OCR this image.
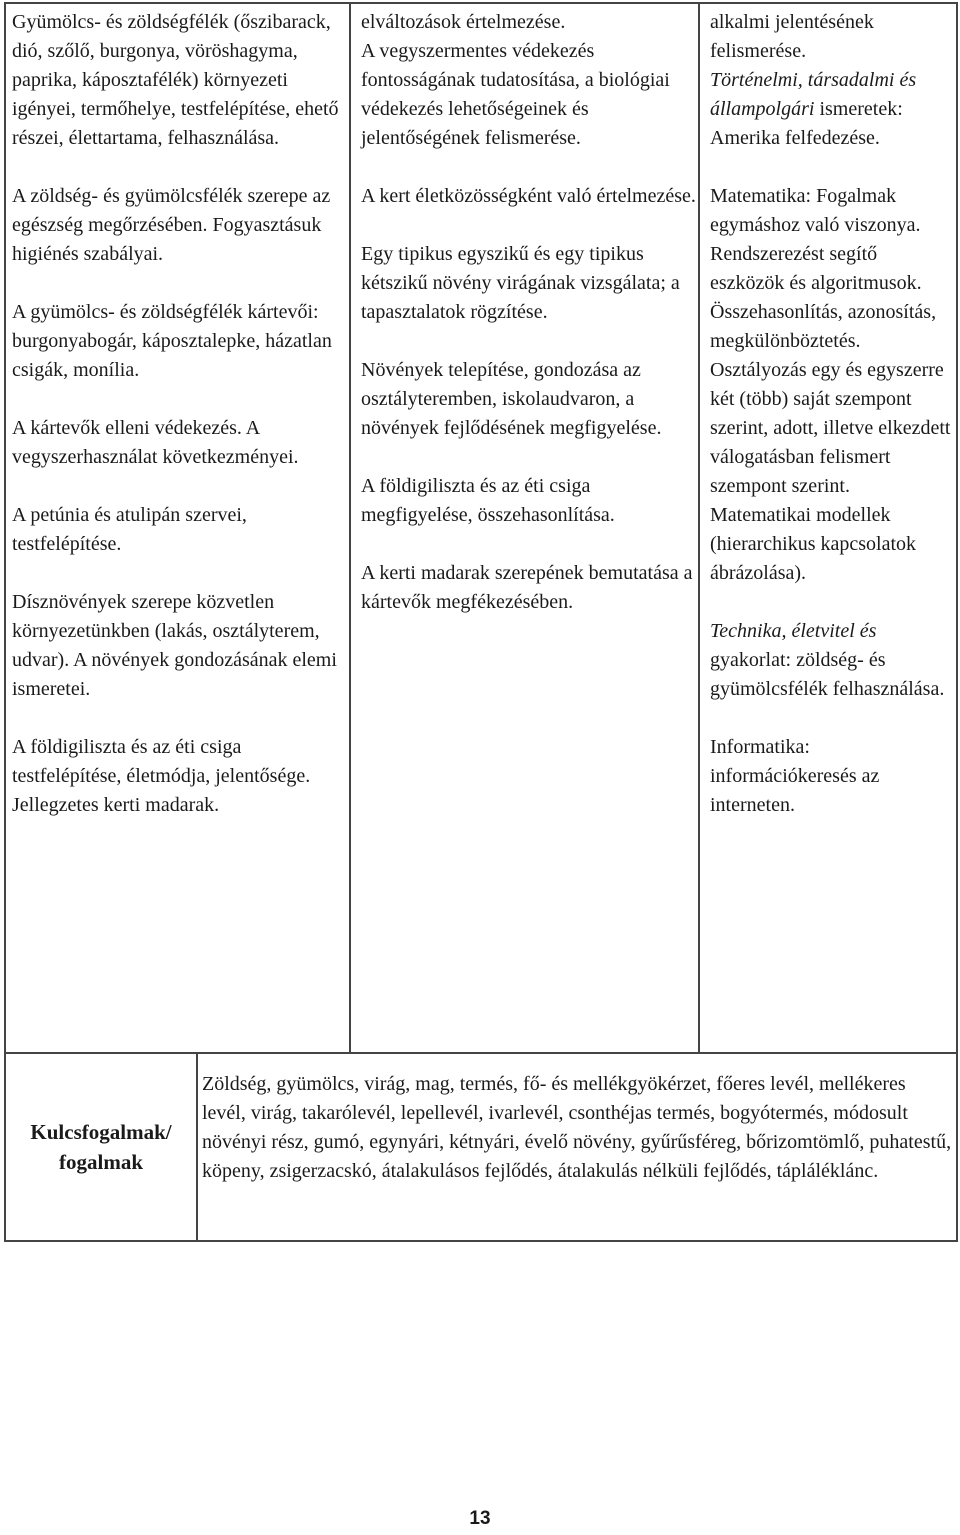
Gyümölcs- és zöldségfélék (őszibarack, dió, szőlő, burgonya, vöröshagyma, paprika, káposztafélék) környezeti igényei, termőhelye, testfelépítése, ehető részei, élettartama, felhasználása.

A zöldség- és gyümölcsfélék szerepe az egészség megőrzésében. Fogyasztásuk higiénés szabályai.

A gyümölcs- és zöldségfélék kártevői: burgonyabogár, káposztalepke, házatlan csigák, monília.

A kártevők elleni védekezés. A vegyszerhasználat következményei.

A petúnia és atulipán szervei, testfelépítése.

Dísznövények szerepe közvetlen környezetünkben (lakás, osztályterem, udvar). A növények gondozásának elemi ismeretei.

A földigiliszta és az éti csiga testfelépítése, életmódja, jelentősége.

Jellegzetes kerti madarak.

elváltozások értelmezése.

A vegyszermentes védekezés fontosságának tudatosítása, a biológiai védekezés lehetőségeinek és jelentőségének felismerése.

A kert életközösségként való értelmezése.

Egy tipikus egyszikű és egy tipikus kétszikű növény virágának vizsgálata; a tapasztalatok rögzítése.

Növények telepítése, gondozása az osztályteremben, iskolaudvaron, a növények fejlődésének megfigyelése.

A földigiliszta és az éti csiga megfigyelése, összehasonlítása.

A kerti madarak szerepének bemutatása a kártevők megfékezésében.

alkalmi jelentésének felismerése.

Történelmi, társadalmi és állampolgári ismeretek: Amerika felfedezése.

Matematika: Fogalmak egymáshoz való viszonya. Rendszerezést segítő eszközök és algoritmusok. Összehasonlítás, azonosítás, megkülönböztetés. Osztályozás egy és egyszerre két (több) saját szempont szerint, adott, illetve elkezdett válogatásban felismert szempont szerint. Matematikai modellek (hierarchikus kapcsolatok ábrázolása).

Technika, életvitel és gyakorlat: zöldség- és gyümölcsfélék felhasználása.

Informatika: információkeresés az interneten.

Kulcsfogalmak/
fogalmak
Zöldség, gyümölcs, virág, mag, termés, fő- és mellékgyökérzet, főeres levél, mellékeres levél, virág, takarólevél, lepellevél, ivarlevél, csonthéjas termés, bogyótermés, módosult növényi rész, gumó, egynyári, kétnyári, évelő növény, gyűrűsféreg, bőrizomtömlő, puhatestű, köpeny, zsigerzacskó, átalakulásos fejlődés, átalakulás nélküli fejlődés, tápláléklánc.
13
